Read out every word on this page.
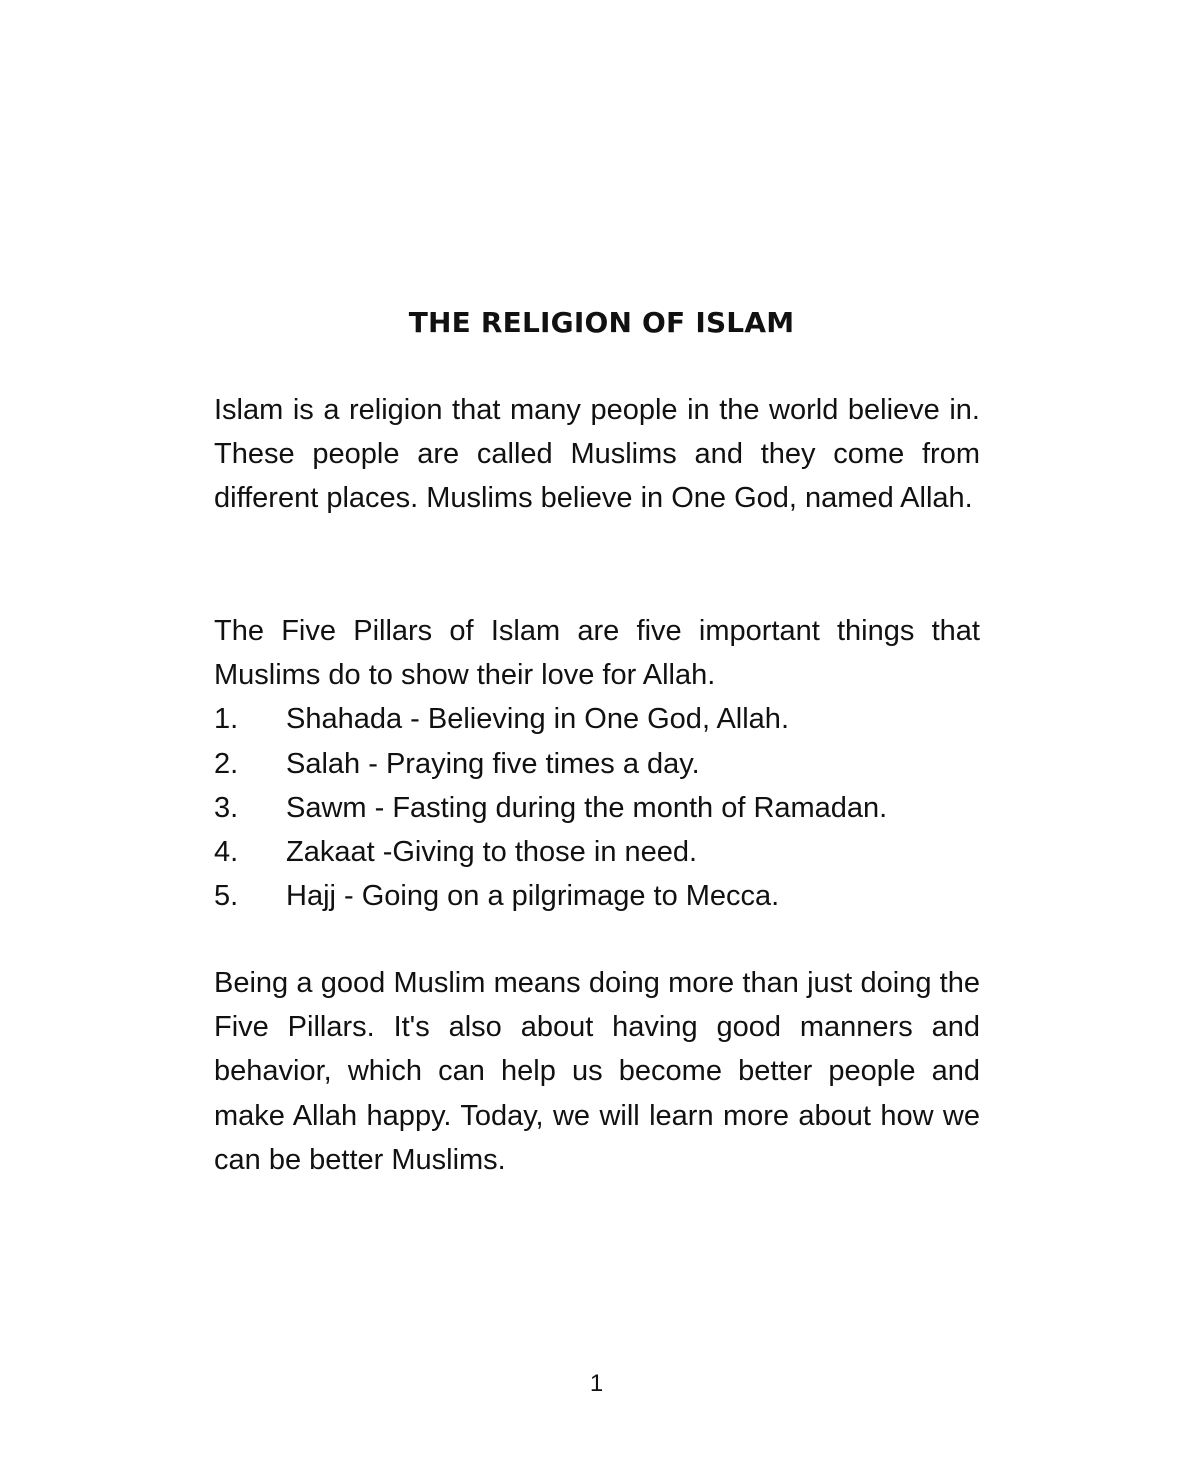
THE RELIGION OF ISLAM

Islam is a religion that many people in the world believe in. These people are called Muslims and they come from different places. Muslims believe in One God, named Allah.

The Five Pillars of Islam are five important things that Muslims do to show their love for Allah.

1.	Shahada - Believing in One God, Allah.
2.	Salah - Praying five times a day.
3.	Sawm - Fasting during the month of Ramadan.
4.	Zakaat -Giving to those in need.
5.	Hajj - Going on a pilgrimage to Mecca.

Being a good Muslim means doing more than just doing the Five Pillars. It's also about having good manners and behavior, which can help us become better people and make Allah happy. Today, we will learn more about how we can be better Muslims.

1
